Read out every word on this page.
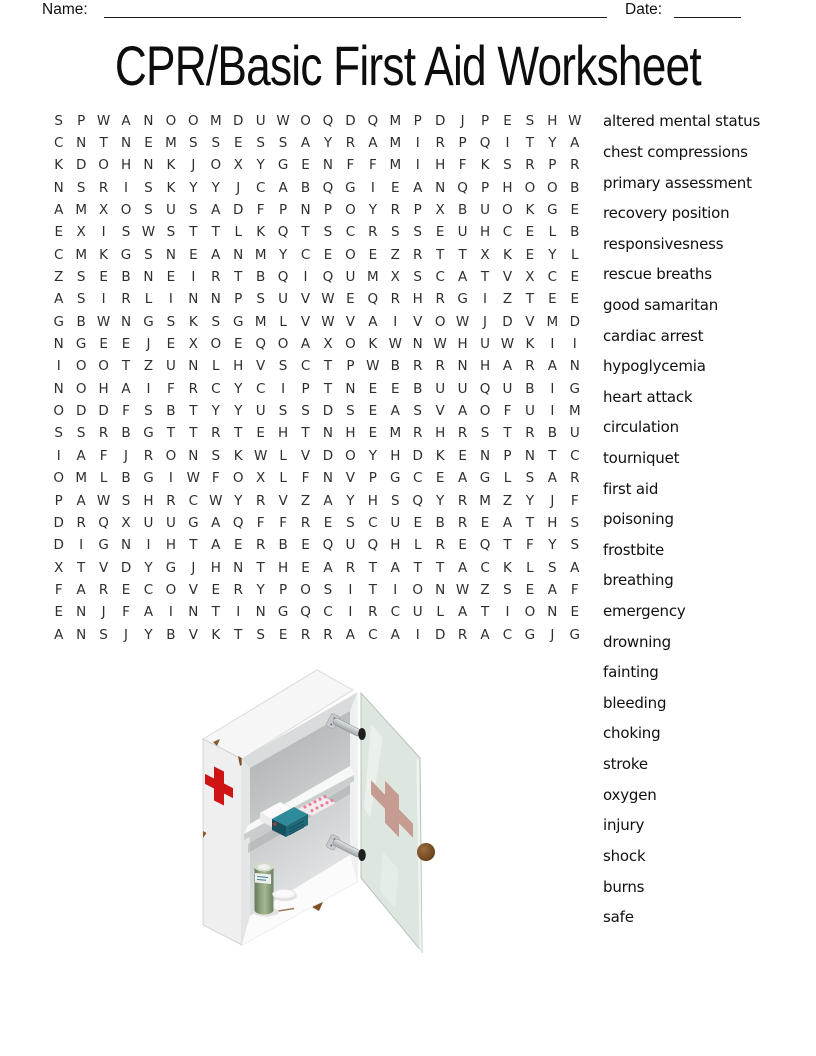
Name:	Date:
CPR/Basic First Aid Worksheet
S	P W A N O O M D U W O Q D Q M P D	J	P	E	S H W
C N T N E M S	S	E	S	S	A	Y	R A M	I	R	P Q	I	T	Y	A
K D O H N K	J	O X	Y G E N	F	F M	I	H F	K	S R	P	R
N S R	I	S	K	Y	Y	J	C A B Q G	I	E	A N Q P H O O B
A M X O S U S	A D F	P N P O Y	R	P	X B U O K G E
E	X	I	S W S	T	T	L	K Q T	S C R S	S	E U H C E	L	B
C M K G S N E	A N M Y	C E O E	Z R	T	T	X K	E	Y	L
Z	S	E	B N E	I	R	T	B Q	I	Q U M X	S C A	T	V X C E
A	S	I	R	L	I	N N P	S U V W E Q R H R G	I	Z	T	E	E
G B W N G S	K	S G M L	V W V A	I	V O W	J	D V M D
N G E	E	J	E	X O E Q O A X O K W N W H U W K	I	I
I	O O T	Z U N	L	H V	S C	T	P W B R R N H A R A N
N O H A	I	F	R C	Y	C	I	P	T N E	E	B U U Q U B	I	G
O D D F	S	B	T	Y	Y U S	S D S	E	A	S	V A O F	U	I	M
S	S R B G T	T	R	T	E H T N H E M R H R S	T	R B U
I	A	F	J	R O N S	K W L	V D O Y H D K	E N P N T	C
O M L	B G	I	W F O X	L	F	N V	P G C E	A G L	S	A R
P	A W S H R C W Y	R V Z A	Y H S Q Y	R M Z	Y	J	F
D R Q X U U G A Q F	F	R E	S C U E	B R E	A	T H S
D	I	G N	I	H T	A	E R B	E Q U Q H	L	R E Q T	F	Y	S
X	T	V D Y G	J	H N T H E	A R	T	A	T	T	A C K	L	S	A
F	A R E C O V	E R	Y	P O S	I	T	I	O N W Z	S	E	A	F
E N	J	F	A	I	N T	I	N G Q C	I	R C U	L	A	T	I	O N E
A N S	J	Y	B V K	T	S	E R R A C A	I	D R A C G	J	G
altered mental status
chest compressions
primary assessment
recovery position
responsivesness
rescue breaths
good samaritan
cardiac arrest
hypoglycemia
heart attack
circulation
tourniquet
first aid
poisoning
frostbite
breathing
emergency
drowning
fainting
bleeding
choking
stroke
oxygen
injury
shock
burns
safe
